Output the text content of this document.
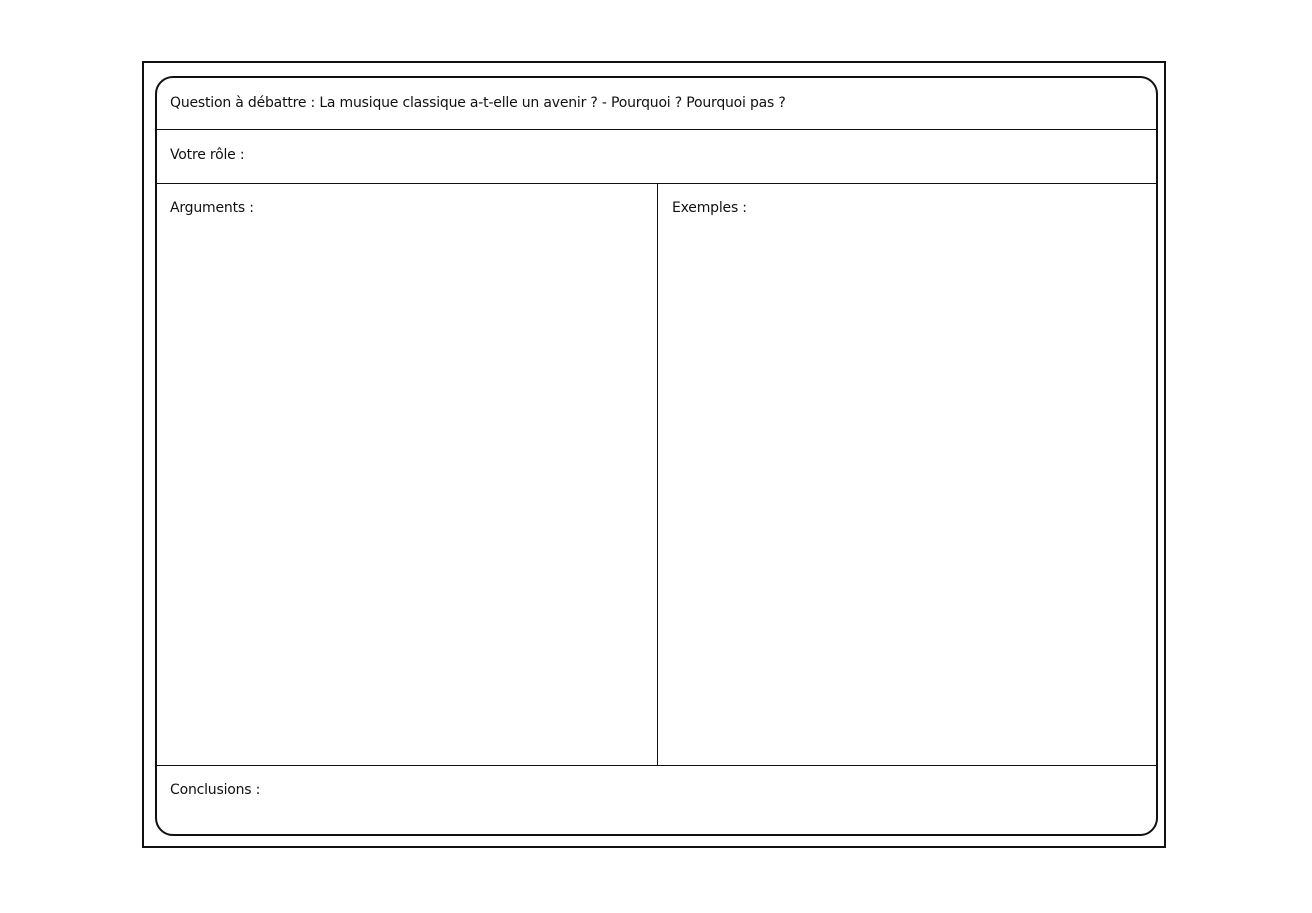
Question à débattre : La musique classique a-t-elle un avenir ? - Pourquoi ? Pourquoi pas ?
Votre rôle :
Arguments :	Exemples :
Conclusions :
